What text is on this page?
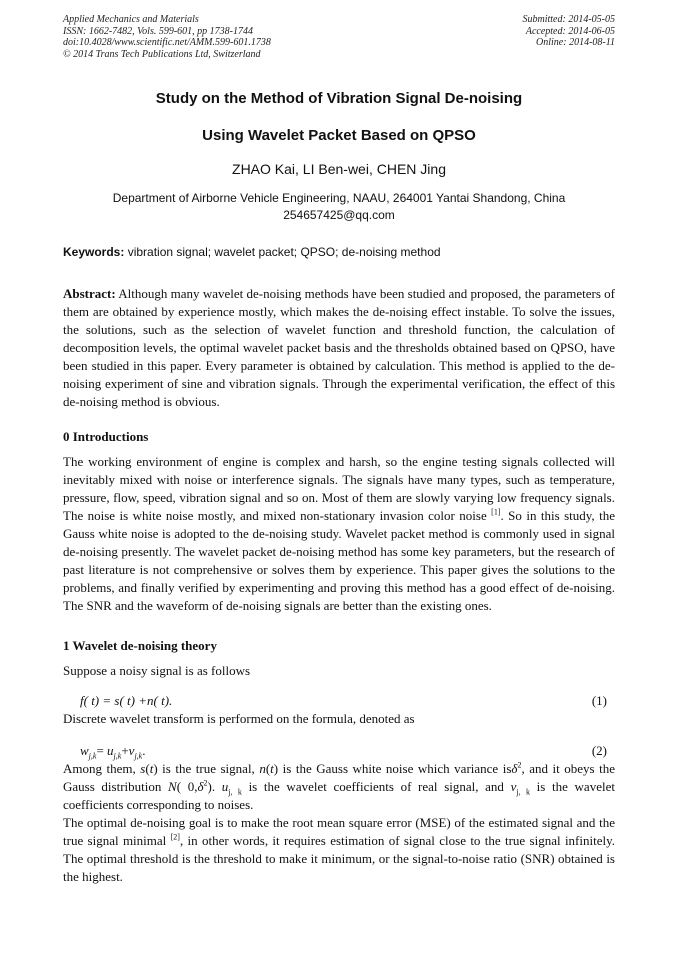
Applied Mechanics and Materials
ISSN: 1662-7482, Vols. 599-601, pp 1738-1744
doi:10.4028/www.scientific.net/AMM.599-601.1738
© 2014 Trans Tech Publications Ltd, Switzerland
Submitted: 2014-05-05
Accepted: 2014-06-05
Online: 2014-08-11
Study on the Method of Vibration Signal De-noising
Using Wavelet Packet Based on QPSO
ZHAO Kai, LI Ben-wei, CHEN Jing
Department of Airborne Vehicle Engineering, NAAU, 264001 Yantai Shandong, China
254657425@qq.com
Keywords: vibration signal; wavelet packet; QPSO; de-noising method
Abstract: Although many wavelet de-noising methods have been studied and proposed, the parameters of them are obtained by experience mostly, which makes the de-noising effect instable. To solve the issues, the solutions, such as the selection of wavelet function and threshold function, the calculation of decomposition levels, the optimal wavelet packet basis and the thresholds obtained based on QPSO, have been studied in this paper. Every parameter is obtained by calculation. This method is applied to the de-noising experiment of sine and vibration signals. Through the experimental verification, the effect of this de-noising method is obvious.
0 Introductions
The working environment of engine is complex and harsh, so the engine testing signals collected will inevitably mixed with noise or interference signals. The signals have many types, such as temperature, pressure, flow, speed, vibration signal and so on. Most of them are slowly varying low frequency signals. The noise is white noise mostly, and mixed non-stationary invasion color noise [1]. So in this study, the Gauss white noise is adopted to the de-noising study. Wavelet packet method is commonly used in signal de-noising presently. The wavelet packet de-noising method has some key parameters, but the research of past literature is not comprehensive or solves them by experience. This paper gives the solutions to the problems, and finally verified by experimenting and proving this method has a good effect of de-noising. The SNR and the waveform of de-noising signals are better than the existing ones.
1 Wavelet de-noising theory
Suppose a noisy signal is as follows
f( t) = s( t) +n( t).	(1)
Discrete wavelet transform is performed on the formula, denoted as
$w_{j,k}= u_{j,k}+v_{j,k}$.	(2)
Among them, s(t) is the true signal, n(t) is the Gauss white noise which variance isδ$^2$, and it obeys the Gauss distribution N( $0,\delta^2$). $u_{j, k}$ is the wavelet coefficients of real signal, and $v_{j, k}$ is the wavelet coefficients corresponding to noises.
The optimal de-noising goal is to make the root mean square error (MSE) of the estimated signal and the true signal minimal [2], in other words, it requires estimation of signal close to the true signal infinitely. The optimal threshold is the threshold to make it minimum, or the signal-to-noise ratio (SNR) obtained is the highest.
